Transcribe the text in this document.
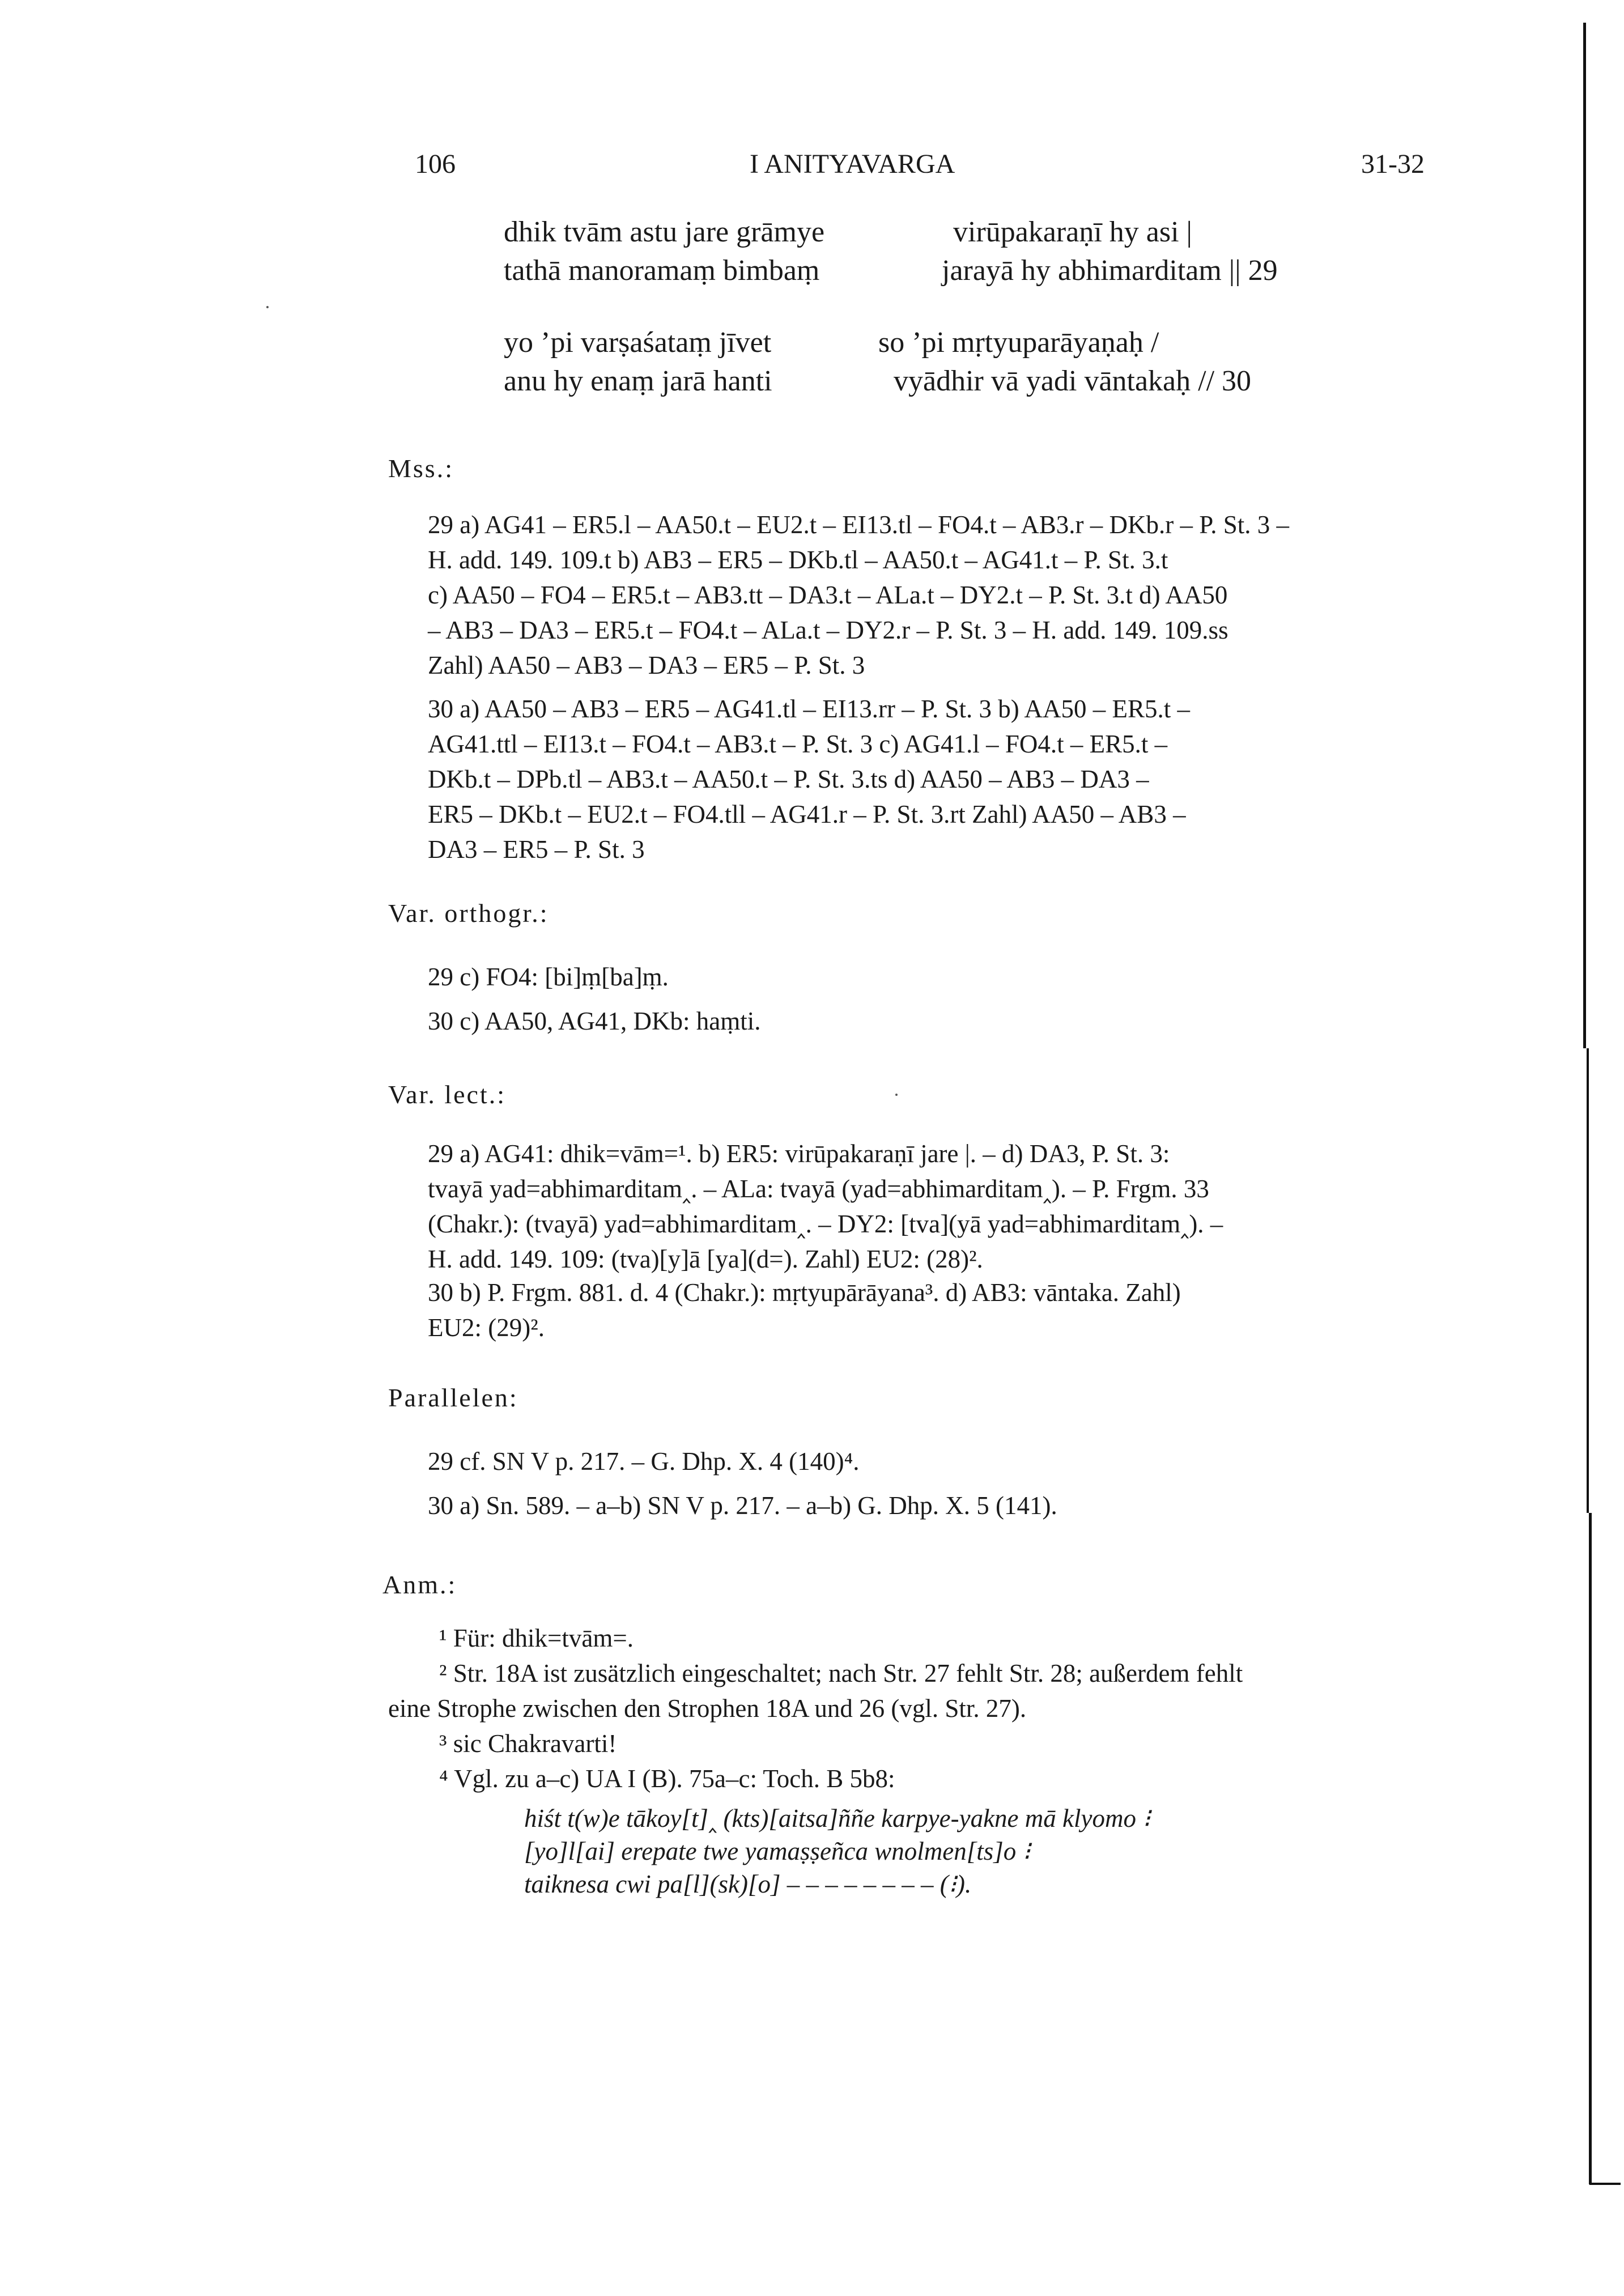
106	I ANITYAVARGA	31-32
dhik tvām astu jare grāmye	virūpakaraṇī hy asi |
tathā manoramaṃ bimbaṃ	jarayā hy abhimarditam || 29
yo ’pi varṣaśataṃ jīvet	so ’pi mṛtyuparāyaṇaḥ /
anu hy enaṃ jarā hanti	vyādhir vā yadi vāntakaḥ // 30
Mss.:
29 a) AG41 – ER5.l – AA50.t – EU2.t – EI13.tl – FO4.t – AB3.r – DKb.r – P. St. 3 –
H. add. 149. 109.t b) AB3 – ER5 – DKb.tl – AA50.t – AG41.t – P. St. 3.t
c) AA50 – FO4 – ER5.t – AB3.tt – DA3.t – ALa.t – DY2.t – P. St. 3.t d) AA50
– AB3 – DA3 – ER5.t – FO4.t – ALa.t – DY2.r – P. St. 3 – H. add. 149. 109.ss
Zahl) AA50 – AB3 – DA3 – ER5 – P. St. 3
30 a) AA50 – AB3 – ER5 – AG41.tl – EI13.rr – P. St. 3 b) AA50 – ER5.t –
AG41.ttl – EI13.t – FO4.t – AB3.t – P. St. 3 c) AG41.l – FO4.t – ER5.t –
DKb.t – DPb.tl – AB3.t – AA50.t – P. St. 3.ts d) AA50 – AB3 – DA3 –
ER5 – DKb.t – EU2.t – FO4.tll – AG41.r – P. St. 3.rt Zahl) AA50 – AB3 –
DA3 – ER5 – P. St. 3
Var. orthogr.:
29 c) FO4: [bi]ṃ[ba]ṃ.
30 c) AA50, AG41, DKb: haṃti.
Var. lect.:
29 a) AG41: dhik=vām=¹. b) ER5: virūpakaraṇī jare |. – d) DA3, P. St. 3:
tvayā yad=abhimarditam‸. – ALa: tvayā (yad=abhimarditam‸). – P. Frgm. 33
(Chakr.): (tvayā) yad=abhimarditam‸. – DY2: [tva](yā yad=abhimarditam‸). –
H. add. 149. 109: (tva)[y]ā [ya](d=). Zahl) EU2: (28)².
30 b) P. Frgm. 881. d. 4 (Chakr.): mṛtyupārāyana³. d) AB3: vāntaka. Zahl)
EU2: (29)².
Parallelen:
29 cf. SN V p. 217. – G. Dhp. X. 4 (140)⁴.
30 a) Sn. 589. – a–b) SN V p. 217. – a–b) G. Dhp. X. 5 (141).
Anm.:
¹ Für: dhik=tvām=.
² Str. 18A ist zusätzlich eingeschaltet; nach Str. 27 fehlt Str. 28; außerdem fehlt
eine Strophe zwischen den Strophen 18A und 26 (vgl. Str. 27).
³ sic Chakravarti!
⁴ Vgl. zu a–c) UA I (B). 75a–c: Toch. B 5b8:
hiśt t(w)e tākoy[t]‸ (kts)[aitsa]ññe karpye-yakne mā klyomo ⁝
[yo]l[ai] erepate twe yamaṣṣeñca wnolmen[ts]o ⁝
taiknesa cwi pa[l](sk)[o] – – – – – – – – (⁝).
